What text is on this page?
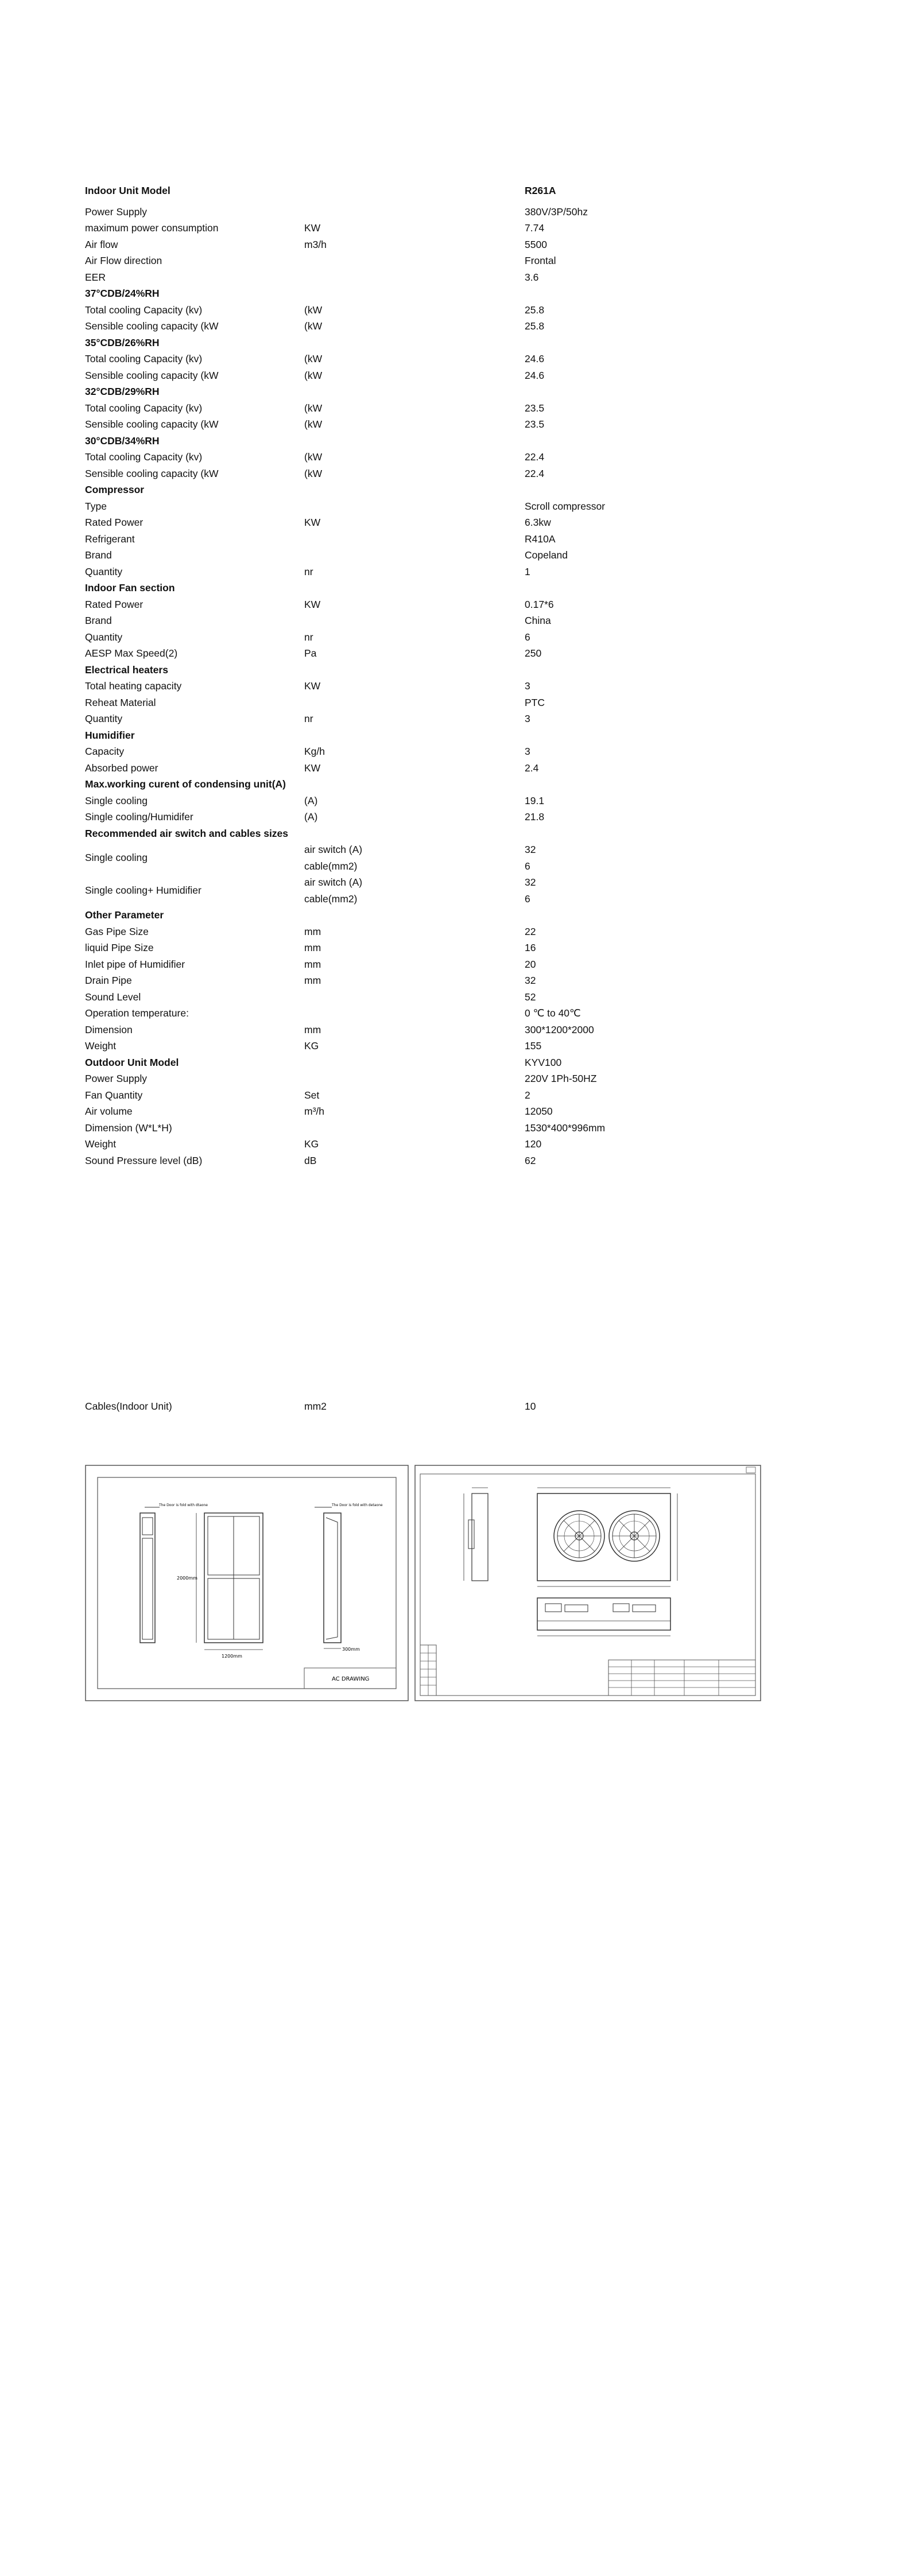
Indoor Unit Model	R261A
Power Supply	380V/3P/50hz
maximum power consumption	KW	7.74
Air flow	m3/h	5500
Air Flow direction	Frontal
EER	3.6
37°CDB/24%RH
Total cooling Capacity (kv)	(kW	25.8
Sensible cooling capacity (kW	(kW	25.8
35°CDB/26%RH
Total cooling Capacity (kv)	(kW	24.6
Sensible cooling capacity (kW	(kW	24.6
32°CDB/29%RH
Total cooling Capacity (kv)	(kW	23.5
Sensible cooling capacity (kW	(kW	23.5
30°CDB/34%RH
Total cooling Capacity (kv)	(kW	22.4
Sensible cooling capacity (kW	(kW	22.4
Compressor
Type	Scroll compressor
Rated Power	KW	6.3kw
Refrigerant	R410A
Brand	Copeland
Quantity	nr	1
Indoor Fan section
Rated Power	KW	0.17*6
Brand	China
Quantity	nr	6
AESP Max Speed(2)	Pa	250
Electrical heaters
Total heating capacity	KW	3
Reheat Material	PTC
Quantity	nr	3
Humidifier
Capacity	Kg/h	3
Absorbed power	KW	2.4
Max.working curent of condensing unit(A)
Single cooling	(A)	19.1
Single cooling/Humidifer	(A)	21.8
Recommended air switch and cables sizes
Single cooling
air switch (A)	32
cable(mm2)	6
Single cooling+ Humidifier
air switch (A)	32
cable(mm2)	6
Other Parameter
Gas Pipe Size	mm	22
liquid Pipe Size	mm	16
Inlet pipe of Humidifier	mm	20
Drain Pipe	mm	32
Sound Level	52
Operation temperature:	0 ℃ to 40℃
Dimension	mm	300*1200*2000
Weight	KG	155
Outdoor Unit Model	KYV100
Power Supply	220V 1Ph-50HZ
Fan Quantity	Set	2
Air volume	m³/h	12050
Dimension (W*L*H)	1530*400*996mm
Weight	KG	120
Sound Pressure level (dB)	dB	62
Cables(Indoor Unit)	mm2	10
The Door is fold with dtaone
2000mm
1200mm
The Door is fold with detaone
300mm
AC DRAWING
